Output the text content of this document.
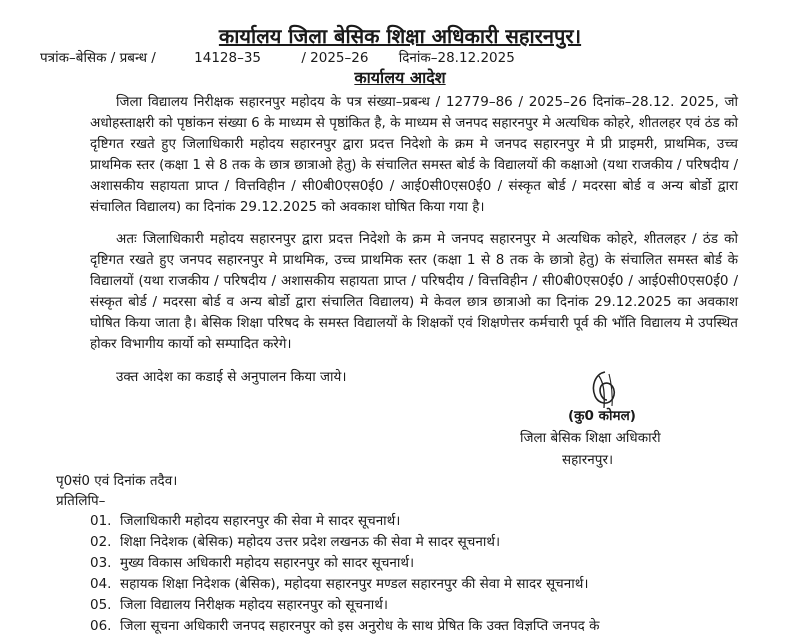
कार्यालय जिला बेसिक शिक्षा अधिकारी सहारनपुर।
पत्रांक–बेसिक / प्रबन्ध /	14128–35	/ 2025–26 दिनांक–28.12.2025
कार्यालय आदेश

जिला विद्यालय निरीक्षक सहारनपुर महोदय के पत्र संख्या–प्रबन्ध / 12779–86 / 2025–26 दिनांक–28.12. 2025, जो अधोहस्ताक्षरी को पृष्ठांकन संख्या 6 के माध्यम से पृष्ठांकित है, के माध्यम से जनपद सहारनपुर मे अत्यधिक कोहरे, शीतलहर एवं ठंड को दृष्टिगत रखते हुए जिलाधिकारी महोदय सहारनपुर द्वारा प्रदत्त निदेशो के क्रम मे जनपद सहारनपुर मे प्री प्राइमरी, प्राथमिक, उच्च प्राथमिक स्तर (कक्षा 1 से 8 तक के छात्र छात्राओ हेतु) के संचालित समस्त बोर्ड के विद्यालयों की कक्षाओ (यथा राजकीय / परिषदीय / अशासकीय सहायता प्राप्त / वित्तविहीन / सी0बी0एस0ई0 / आई0सी0एस0ई0 / संस्कृत बोर्ड / मदरसा बोर्ड व अन्य बोर्डो द्वारा संचालित विद्यालय) का दिनांक 29.12.2025 को अवकाश घोषित किया गया है।

अतः जिलाधिकारी महोदय सहारनपुर द्वारा प्रदत्त निदेशो के क्रम मे जनपद सहारनपुर मे अत्यधिक कोहरे, शीतलहर / ठंड को दृष्टिगत रखते हुए जनपद सहारनपुर मे प्राथमिक, उच्च प्राथमिक स्तर (कक्षा 1 से 8 तक के छात्रो हेतु) के संचालित समस्त बोर्ड के विद्यालयों (यथा राजकीय / परिषदीय / अशासकीय सहायता प्राप्त / परिषदीय / वित्तविहीन / सी0बी0एस0ई0 / आई0सी0एस0ई0 / संस्कृत बोर्ड / मदरसा बोर्ड व अन्य बोर्डो द्वारा संचालित विद्यालय) मे केवल छात्र छात्राओ का दिनांक 29.12.2025 का अवकाश घोषित किया जाता है। बेसिक शिक्षा परिषद के समस्त विद्यालयों के शिक्षकों एवं शिक्षणेत्तर कर्मचारी पूर्व की भॉति विद्यालय मे उपस्थित होकर विभागीय कार्यो को सम्पादित करेगे।

उक्त आदेश का कडाई से अनुपालन किया जाये।

(कु0 कोमल)

जिला बेसिक शिक्षा अधिकारी

सहारनपुर।

पृ0सं0 एवं दिनांक तदैव।

प्रतिलिपि–

01. जिलाधिकारी महोदय सहारनपुर की सेवा मे सादर सूचनार्थ।
02. शिक्षा निदेशक (बेसिक) महोदय उत्तर प्रदेश लखनऊ की सेवा मे सादर सूचनार्थ।
03. मुख्य विकास अधिकारी महोदय सहारनपुर को सादर सूचनार्थ।
04. सहायक शिक्षा निदेशक (बेसिक), महोदया सहारनपुर मण्डल सहारनपुर की सेवा मे सादर सूचनार्थ।
05. जिला विद्यालय निरीक्षक महोदय सहारनपुर को सूचनार्थ।
06. जिला सूचना अधिकारी जनपद सहारनपुर को इस अनुरोध के साथ प्रेषित कि उक्त विज्ञप्ति जनपद के
